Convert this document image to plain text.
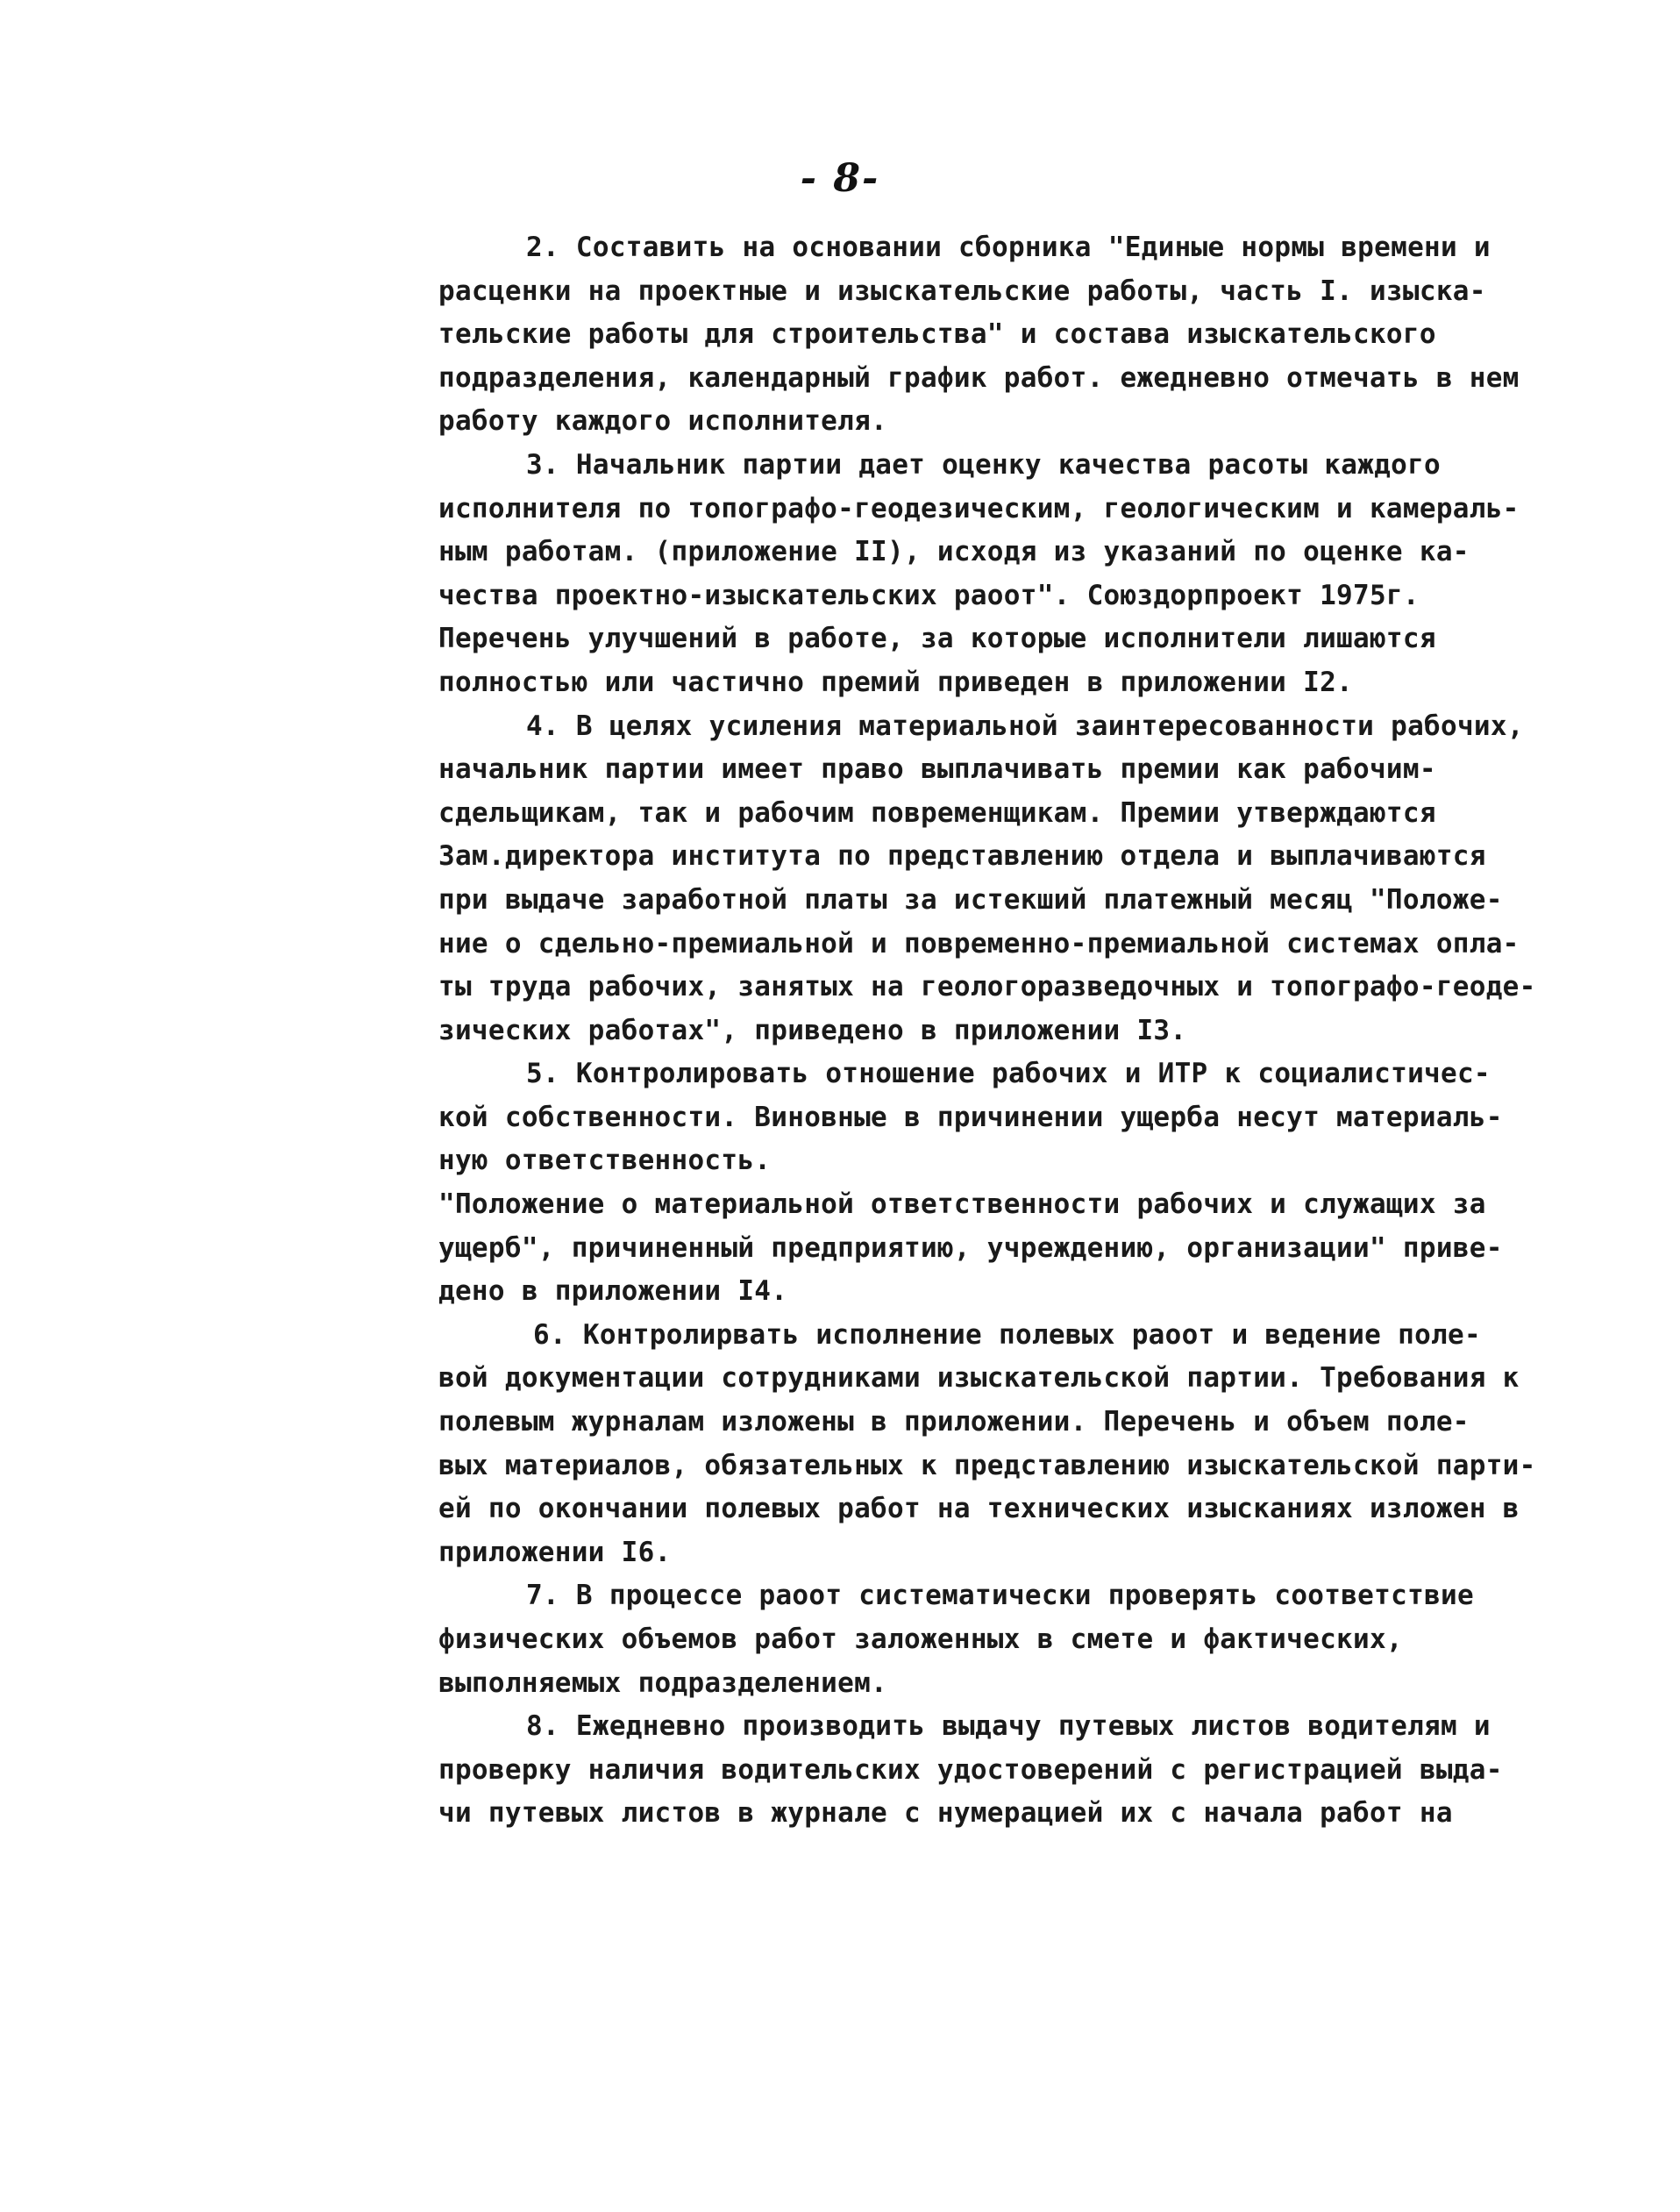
- 8-

2. Составить на основании сборника "Единые нормы времени и
расценки на проектные и изыскательские работы, часть I. изыска-
тельские работы для строительства" и состава изыскательского
подразделения, календарный график работ. ежедневно отмечать в нем
работу каждого исполнителя.

3. Начальник партии дает оценку качества расоты каждого
исполнителя по топографо-геодезическим, геологическим и камераль-
ным работам. (приложение II), исходя из указаний по оценке ка-
чества проектно-изыскательских раоот". Союздорпроект 1975г.
Перечень улучшений в работе, за которые исполнители лишаются
полностью или частично премий приведен в приложении I2.

4. В целях усиления материальной заинтересованности рабочих,
начальник партии имеет право выплачивать премии как рабочим-
сдельщикам, так и рабочим повременщикам. Премии утверждаются
Зам.директора института по представлению отдела и выплачиваются
при выдаче заработной платы за истекший платежный месяц "Положе-
ние о сдельно-премиальной и повременно-премиальной системах опла-
ты труда рабочих, занятых на геологоразведочных и топографо-геоде-
зических работах", приведено в приложении I3.

5. Контролировать отношение рабочих и ИТР к социалистичес-
кой собственности. Виновные в причинении ущерба несут материаль-
ную ответственность.
"Положение о материальной ответственности рабочих и служащих за
ущерб", причиненный предприятию, учреждению, организации" приве-
дено в приложении I4.

6. Контролирвать исполнение полевых раоот и ведение поле-
вой документации сотрудниками изыскательской партии. Требования к
полевым журналам изложены в приложении. Перечень и объем поле-
вых материалов, обязательных к представлению изыскательской парти-
ей по окончании полевых работ на технических изысканиях изложен в
приложении I6.

7. В процессе раоот систематически проверять соответствие
физических объемов работ заложенных в смете и фактических,
выполняемых подразделением.

8. Ежедневно производить выдачу путевых листов водителям и
проверку наличия водительских удостоверений с регистрацией выда-
чи путевых листов в журнале с нумерацией их с начала работ на
